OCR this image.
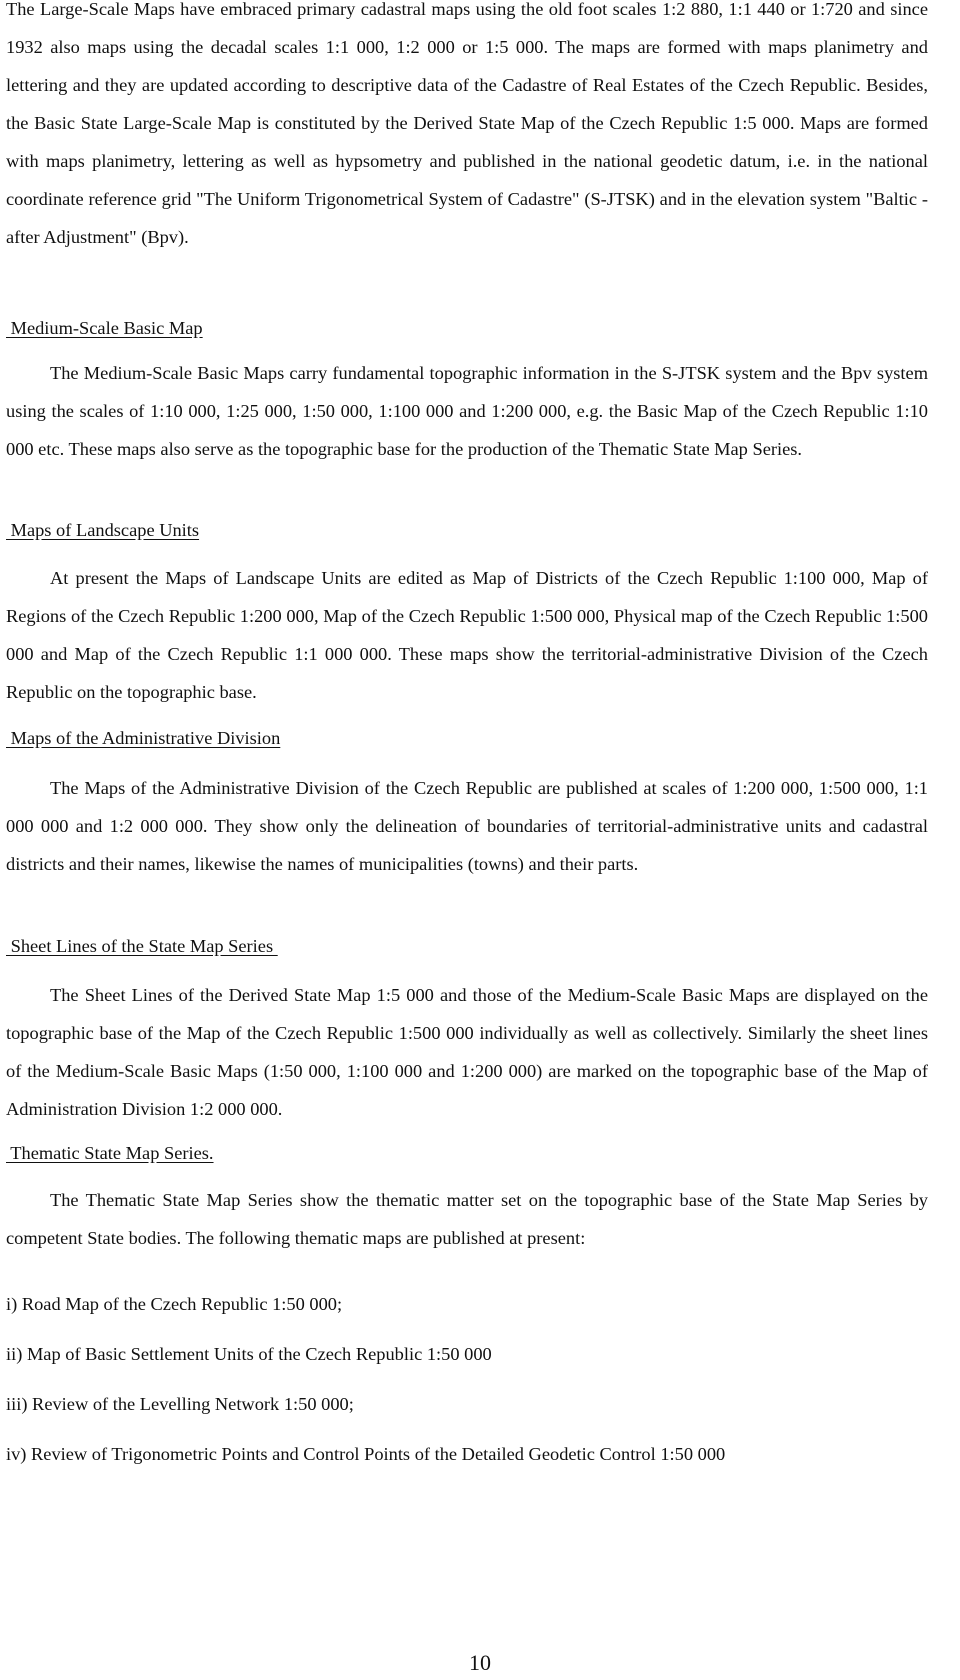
The Large-Scale Maps have embraced primary cadastral maps using the old foot scales 1:2 880, 1:1 440 or 1:720 and since 1932 also maps using the decadal scales 1:1 000, 1:2 000 or 1:5 000. The maps are formed with maps planimetry and lettering and they are updated according to descriptive data of the Cadastre of Real Estates of the Czech Republic. Besides, the Basic State Large-Scale Map is constituted by the Derived State Map of the Czech Republic 1:5 000. Maps are formed with maps planimetry, lettering as well as hypsometry and published in the national geodetic datum, i.e. in the national coordinate reference grid "The Uniform Trigonometrical System of Cadastre" (S-JTSK) and in the elevation system "Baltic - after Adjustment" (Bpv).

Medium-Scale Basic Map

The Medium-Scale Basic Maps carry fundamental topographic information in the S-JTSK system and the Bpv system using the scales of 1:10 000, 1:25 000, 1:50 000, 1:100 000 and 1:200 000, e.g. the Basic Map of the Czech Republic 1:10 000 etc. These maps also serve as the topographic base for the production of the Thematic State Map Series.

Maps of Landscape Units

At present the Maps of Landscape Units are edited as Map of Districts of the Czech Republic 1:100 000, Map of Regions of the Czech Republic 1:200 000, Map of the Czech Republic 1:500 000, Physical map of the Czech Republic 1:500 000 and Map of the Czech Republic 1:1 000 000. These maps show the territorial-administrative Division of the Czech Republic on the topographic base.

Maps of the Administrative Division

The Maps of the Administrative Division of the Czech Republic are published at scales of 1:200 000, 1:500 000, 1:1 000 000 and 1:2 000 000. They show only the delineation of boundaries of territorial-administrative units and cadastral districts and their names, likewise the names of municipalities (towns) and their parts.

Sheet Lines of the State Map Series

The Sheet Lines of the Derived State Map 1:5 000 and those of the Medium-Scale Basic Maps are displayed on the topographic base of the Map of the Czech Republic 1:500 000 individually as well as collectively. Similarly the sheet lines of the Medium-Scale Basic Maps (1:50 000, 1:100 000 and 1:200 000) are marked on the topographic base of the Map of Administration Division 1:2 000 000.

Thematic State Map Series.

The Thematic State Map Series show the thematic matter set on the topographic base of the State Map Series by competent State bodies. The following thematic maps are published at present:

i) Road Map of the Czech Republic 1:50 000;
ii) Map of Basic Settlement Units of the Czech Republic 1:50 000
iii) Review of the Levelling Network 1:50 000;
iv) Review of Trigonometric Points and Control Points of the Detailed Geodetic Control 1:50 000
10
